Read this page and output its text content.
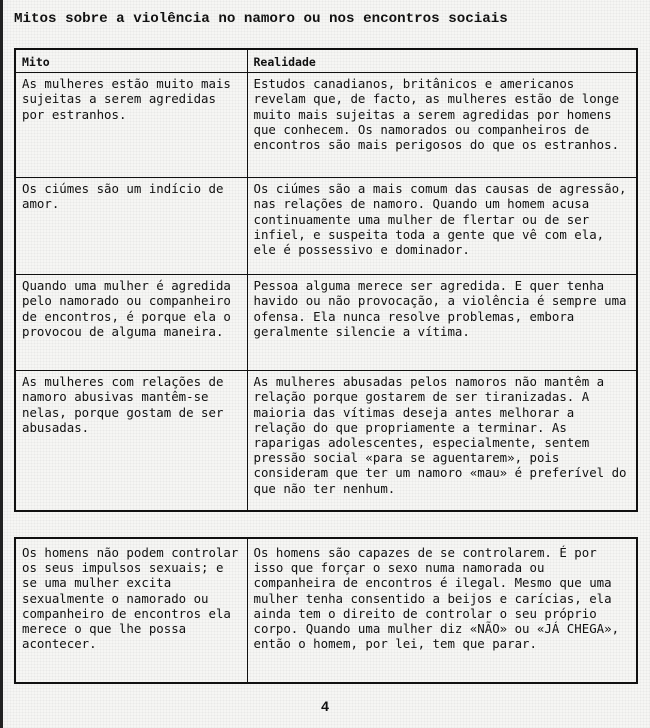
Mitos sobre a violência no namoro ou nos encontros sociais
Mito	Realidade
As mulheres estão muito mais sujeitas a serem agredidas por estranhos.	Estudos canadianos, britânicos e americanos revelam que, de facto, as mulheres estão de longe muito mais sujeitas a serem agredidas por homens que conhecem. Os namorados ou companheiros de encontros são mais perigosos do que os estranhos.
Os ciúmes são um indício de amor.	Os ciúmes são a mais comum das causas de agressão, nas relações de namoro. Quando um homem acusa continuamente uma mulher de flertar ou de ser infiel, e suspeita toda a gente que vê com ela, ele é possessivo e dominador.
Quando uma mulher é agredida pelo namorado ou companheiro de encontros, é porque ela o provocou de alguma maneira.	Pessoa alguma merece ser agredida. E quer tenha havido ou não provocação, a violência é sempre uma ofensa. Ela nunca resolve problemas, embora geralmente silencie a vítima.
As mulheres com relações de namoro abusivas mantêm-se nelas, porque gostam de ser abusadas.	As mulheres abusadas pelos namoros não mantêm a relação porque gostarem de ser tiranizadas. A maioria das vítimas deseja antes melhorar a relação do que propriamente a terminar. As raparigas adolescentes, especialmente, sentem pressão social «para se aguentarem», pois consideram que ter um namoro «mau» é preferível do que não ter nenhum.
Os homens não podem controlar os seus impulsos sexuais; e se uma mulher excita sexualmente o namorado ou companheiro de encontros ela merece o que lhe possa acontecer.	Os homens são capazes de se controlarem. É por isso que forçar o sexo numa namorada ou companheira de encontros é ilegal. Mesmo que uma mulher tenha consentido a beijos e carícias, ela ainda tem o direito de controlar o seu próprio corpo. Quando uma mulher diz «NÃO» ou «JÁ CHEGA», então o homem, por lei, tem que parar.
4
